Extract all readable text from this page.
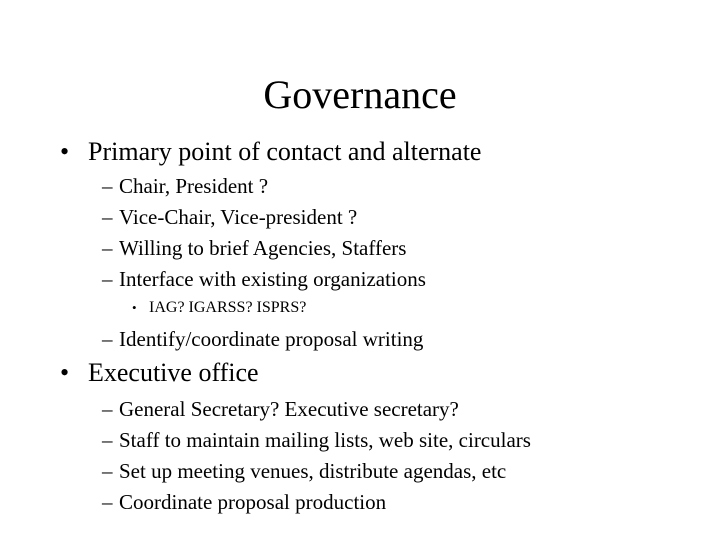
Governance
• Primary point of contact and alternate
– Chair, President ?
– Vice-Chair, Vice-president ?
– Willing to brief Agencies, Staffers
– Interface with existing organizations
• IAG? IGARSS? ISPRS?
– Identify/coordinate proposal writing
• Executive office
– General Secretary? Executive secretary?
– Staff to maintain mailing lists, web site, circulars
– Set up meeting venues, distribute agendas, etc
– Coordinate proposal production
